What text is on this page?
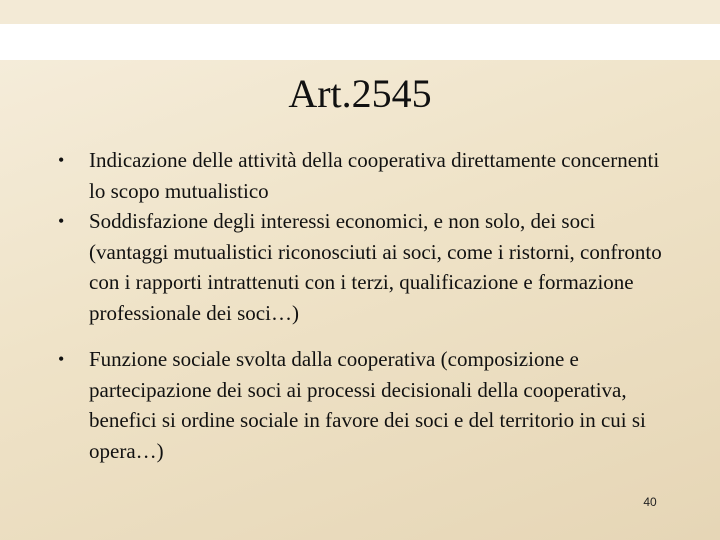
Art.2545
•	Indicazione delle attività della cooperativa direttamente concernenti lo scopo mutualistico
•	Soddisfazione degli interessi economici, e non solo, dei soci (vantaggi mutualistici riconosciuti ai soci, come i ristorni, confronto con i rapporti intrattenuti con i terzi, qualificazione e formazione professionale dei soci…)
•	Funzione sociale svolta dalla cooperativa (composizione e partecipazione dei soci ai processi decisionali della cooperativa, benefici si ordine sociale in favore dei soci e del territorio in cui si opera…)
40
